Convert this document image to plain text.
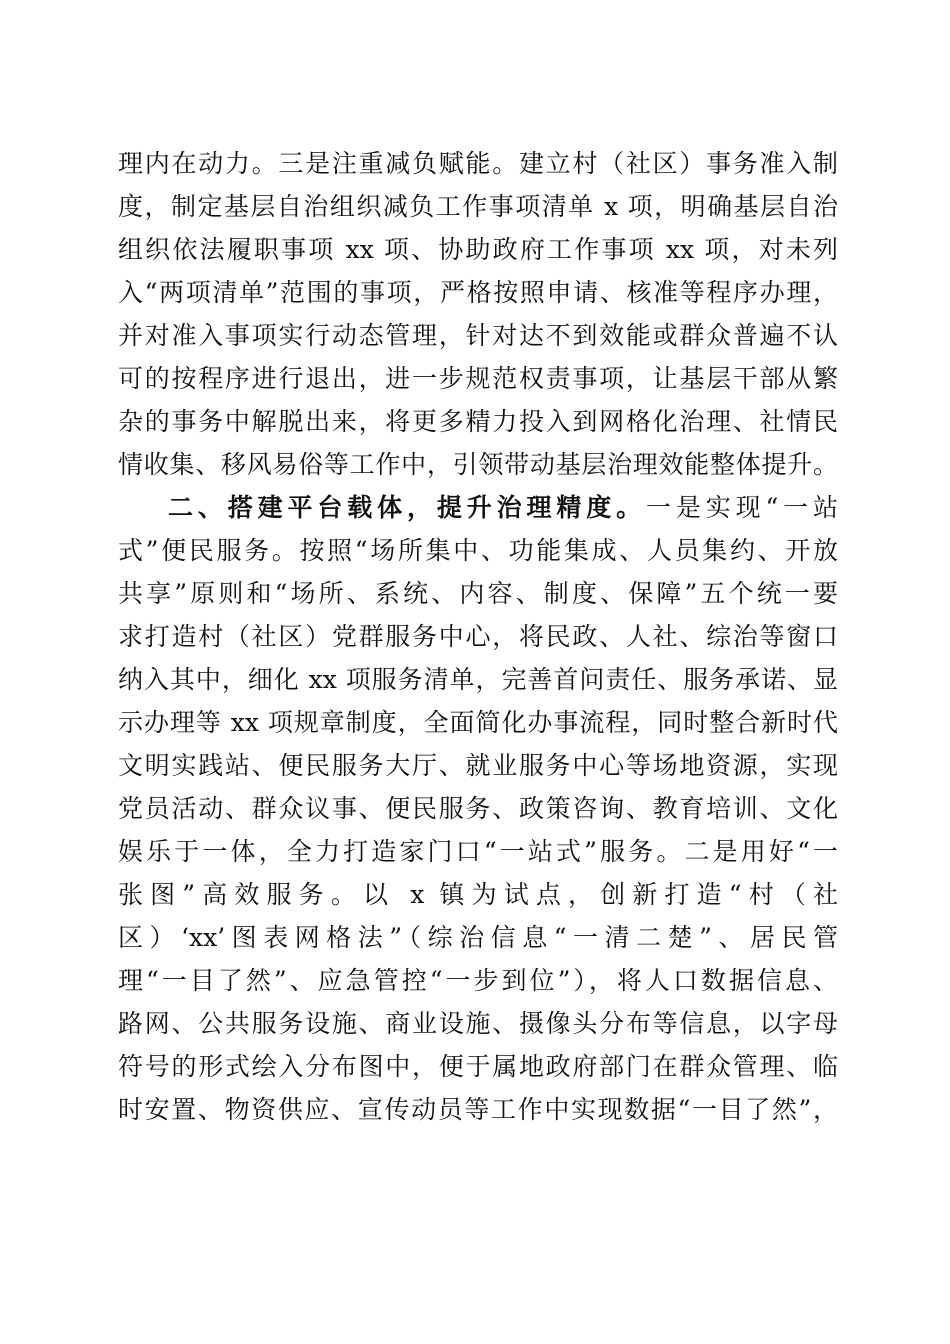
理内在动力。三是注重减负赋能。建立村（社区）事务准入制
度，制定基层自治组织减负工作事项清单 x 项，明确基层自治
组织依法履职事项 xx 项、协助政府工作事项 xx 项，对未列
入“两项清单”范围的事项，严格按照申请、核准等程序办理，
并对准入事项实行动态管理，针对达不到效能或群众普遍不认
可的按程序进行退出，进一步规范权责事项，让基层干部从繁
杂的事务中解脱出来，将更多精力投入到网格化治理、社情民
情收集、移风易俗等工作中，引领带动基层治理效能整体提升。
二、搭建平台载体，提升治理精度。一是实现“一站
式”便民服务。按照“场所集中、功能集成、人员集约、开放
共享”原则和“场所、系统、内容、制度、保障”五个统一要
求打造村（社区）党群服务中心，将民政、人社、综治等窗口
纳入其中，细化 xx 项服务清单，完善首问责任、服务承诺、显
示办理等 xx 项规章制度，全面简化办事流程，同时整合新时代
文明实践站、便民服务大厅、就业服务中心等场地资源，实现
党员活动、群众议事、便民服务、政策咨询、教育培训、文化
娱乐于一体，全力打造家门口“一站式”服务。二是用好“一
张图”高效服务。以 x 镇为试点，创新打造“村（社
区）‘xx’图表网格法”（综治信息“一清二楚”、居民管
理“一目了然”、应急管控“一步到位”），将人口数据信息、
路网、公共服务设施、商业设施、摄像头分布等信息，以字母
符号的形式绘入分布图中，便于属地政府部门在群众管理、临
时安置、物资供应、宣传动员等工作中实现数据“一目了然”，
